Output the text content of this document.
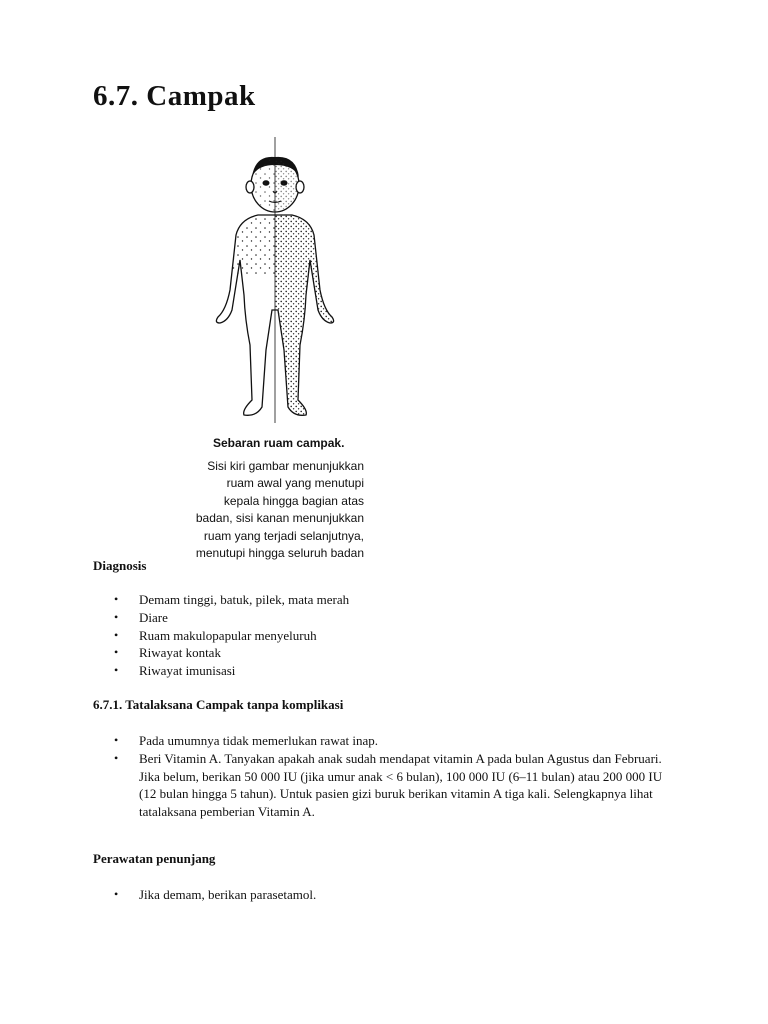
6.7. Campak
Sebaran ruam campak.
Sisi kiri gambar menunjukkan
ruam awal yang menutupi
kepala hingga bagian atas
badan, sisi kanan menunjukkan
ruam yang terjadi selanjutnya,
menutupi hingga seluruh badan
Diagnosis
• Demam tinggi, batuk, pilek, mata merah
• Diare
• Ruam makulopapular menyeluruh
• Riwayat kontak
• Riwayat imunisasi
6.7.1. Tatalaksana Campak tanpa komplikasi
• Pada umumnya tidak memerlukan rawat inap.
• Beri Vitamin A. Tanyakan apakah anak sudah mendapat vitamin A pada bulan Agustus dan Februari. Jika belum, berikan 50 000 IU (jika umur anak < 6 bulan), 100 000 IU (6–11 bulan) atau 200 000 IU (12 bulan hingga 5 tahun). Untuk pasien gizi buruk berikan vitamin A tiga kali. Selengkapnya lihat tatalaksana pemberian Vitamin A.
Perawatan penunjang
• Jika demam, berikan parasetamol.
